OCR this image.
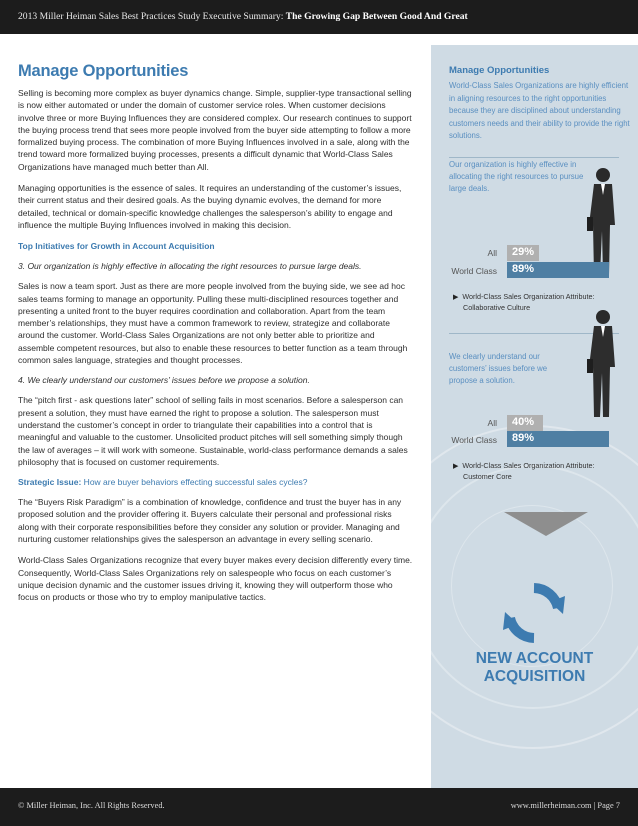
2013 Miller Heiman Sales Best Practices Study Executive Summary: The Growing Gap Between Good And Great
Manage Opportunities

Selling is becoming more complex as buyer dynamics change. Simple, supplier-type transactional selling is now either automated or under the domain of customer service roles. When customer decisions involve three or more Buying Influences they are considered complex. Our research continues to support the buying process trend that sees more people involved from the buyer side attempting to follow a more formalized buying process. The combination of more Buying Influences involved in a sale, along with the trend toward more formalized buying processes, presents a difficult dynamic that World-Class Sales Organizations have managed much better than All.

Managing opportunities is the essence of sales. It requires an understanding of the customer’s issues, their current status and their desired goals. As the buying dynamic evolves, the demand for more detailed, technical or domain-specific knowledge challenges the salesperson’s ability to engage and influence the multiple Buying Influences involved in making this decision.

Top Initiatives for Growth in Account Acquisition
3. Our organization is highly effective in allocating the right resources to pursue large deals.

Sales is now a team sport. Just as there are more people involved from the buying side, we see ad hoc sales teams forming to manage an opportunity. Pulling these multi-disciplined resources together and presenting a united front to the buyer requires coordination and collaboration. Apart from the team member’s relationships, they must have a common framework to review, strategize and collaborate around the customer. World-Class Sales Organizations are not only better able to prioritize and assemble competent resources, but also to enable these resources to better function as a team through common sales language, strategies and thought processes.

4. We clearly understand our customers’ issues before we propose a solution.

The “pitch first - ask questions later” school of selling fails in most scenarios. Before a salesperson can present a solution, they must have earned the right to propose a solution. The salesperson must understand the customer’s concept in order to triangulate their capabilities into a control that is meaningful and valuable to the customer. Unsolicited product pitches will sell something simply though the law of averages – it will work with someone. Sustainable, world-class performance demands a sales philosophy that is focused on customer requirements.

Strategic Issue: How are buyer behaviors effecting successful sales cycles?

The “Buyers Risk Paradigm” is a combination of knowledge, confidence and trust the buyer has in any proposed solution and the provider offering it. Buyers calculate their personal and professional risks along with their corporate responsibilities before they consider any solution or provider. Managing and nurturing customer relationships gives the salesperson an advantage in every selling scenario.

World-Class Sales Organizations recognize that every buyer makes every decision differently every time. Consequently, World-Class Sales Organizations rely on salespeople who focus on each customer’s unique decision dynamic and the customer issues driving it, knowing they will outperform those who focus on products or those who try to employ manipulative tactics.

Manage Opportunities
World-Class Sales Organizations are highly efficient in aligning resources to the right opportunities because they are disciplined about understanding customers needs and their ability to provide the right solutions.
Our organization is highly effective in allocating the right resources to pursue large deals.
All 29%
World Class 89%
▶ World-Class Sales Organization Attribute:
Collaborative Culture
We clearly understand our customers’ issues before we propose a solution.
All 40%
World Class 89%
▶ World-Class Sales Organization Attribute:
Customer Core
NEW ACCOUNT
ACQUISITION
© Miller Heiman, Inc. All Rights Reserved.	www.millerheiman.com | Page 7
